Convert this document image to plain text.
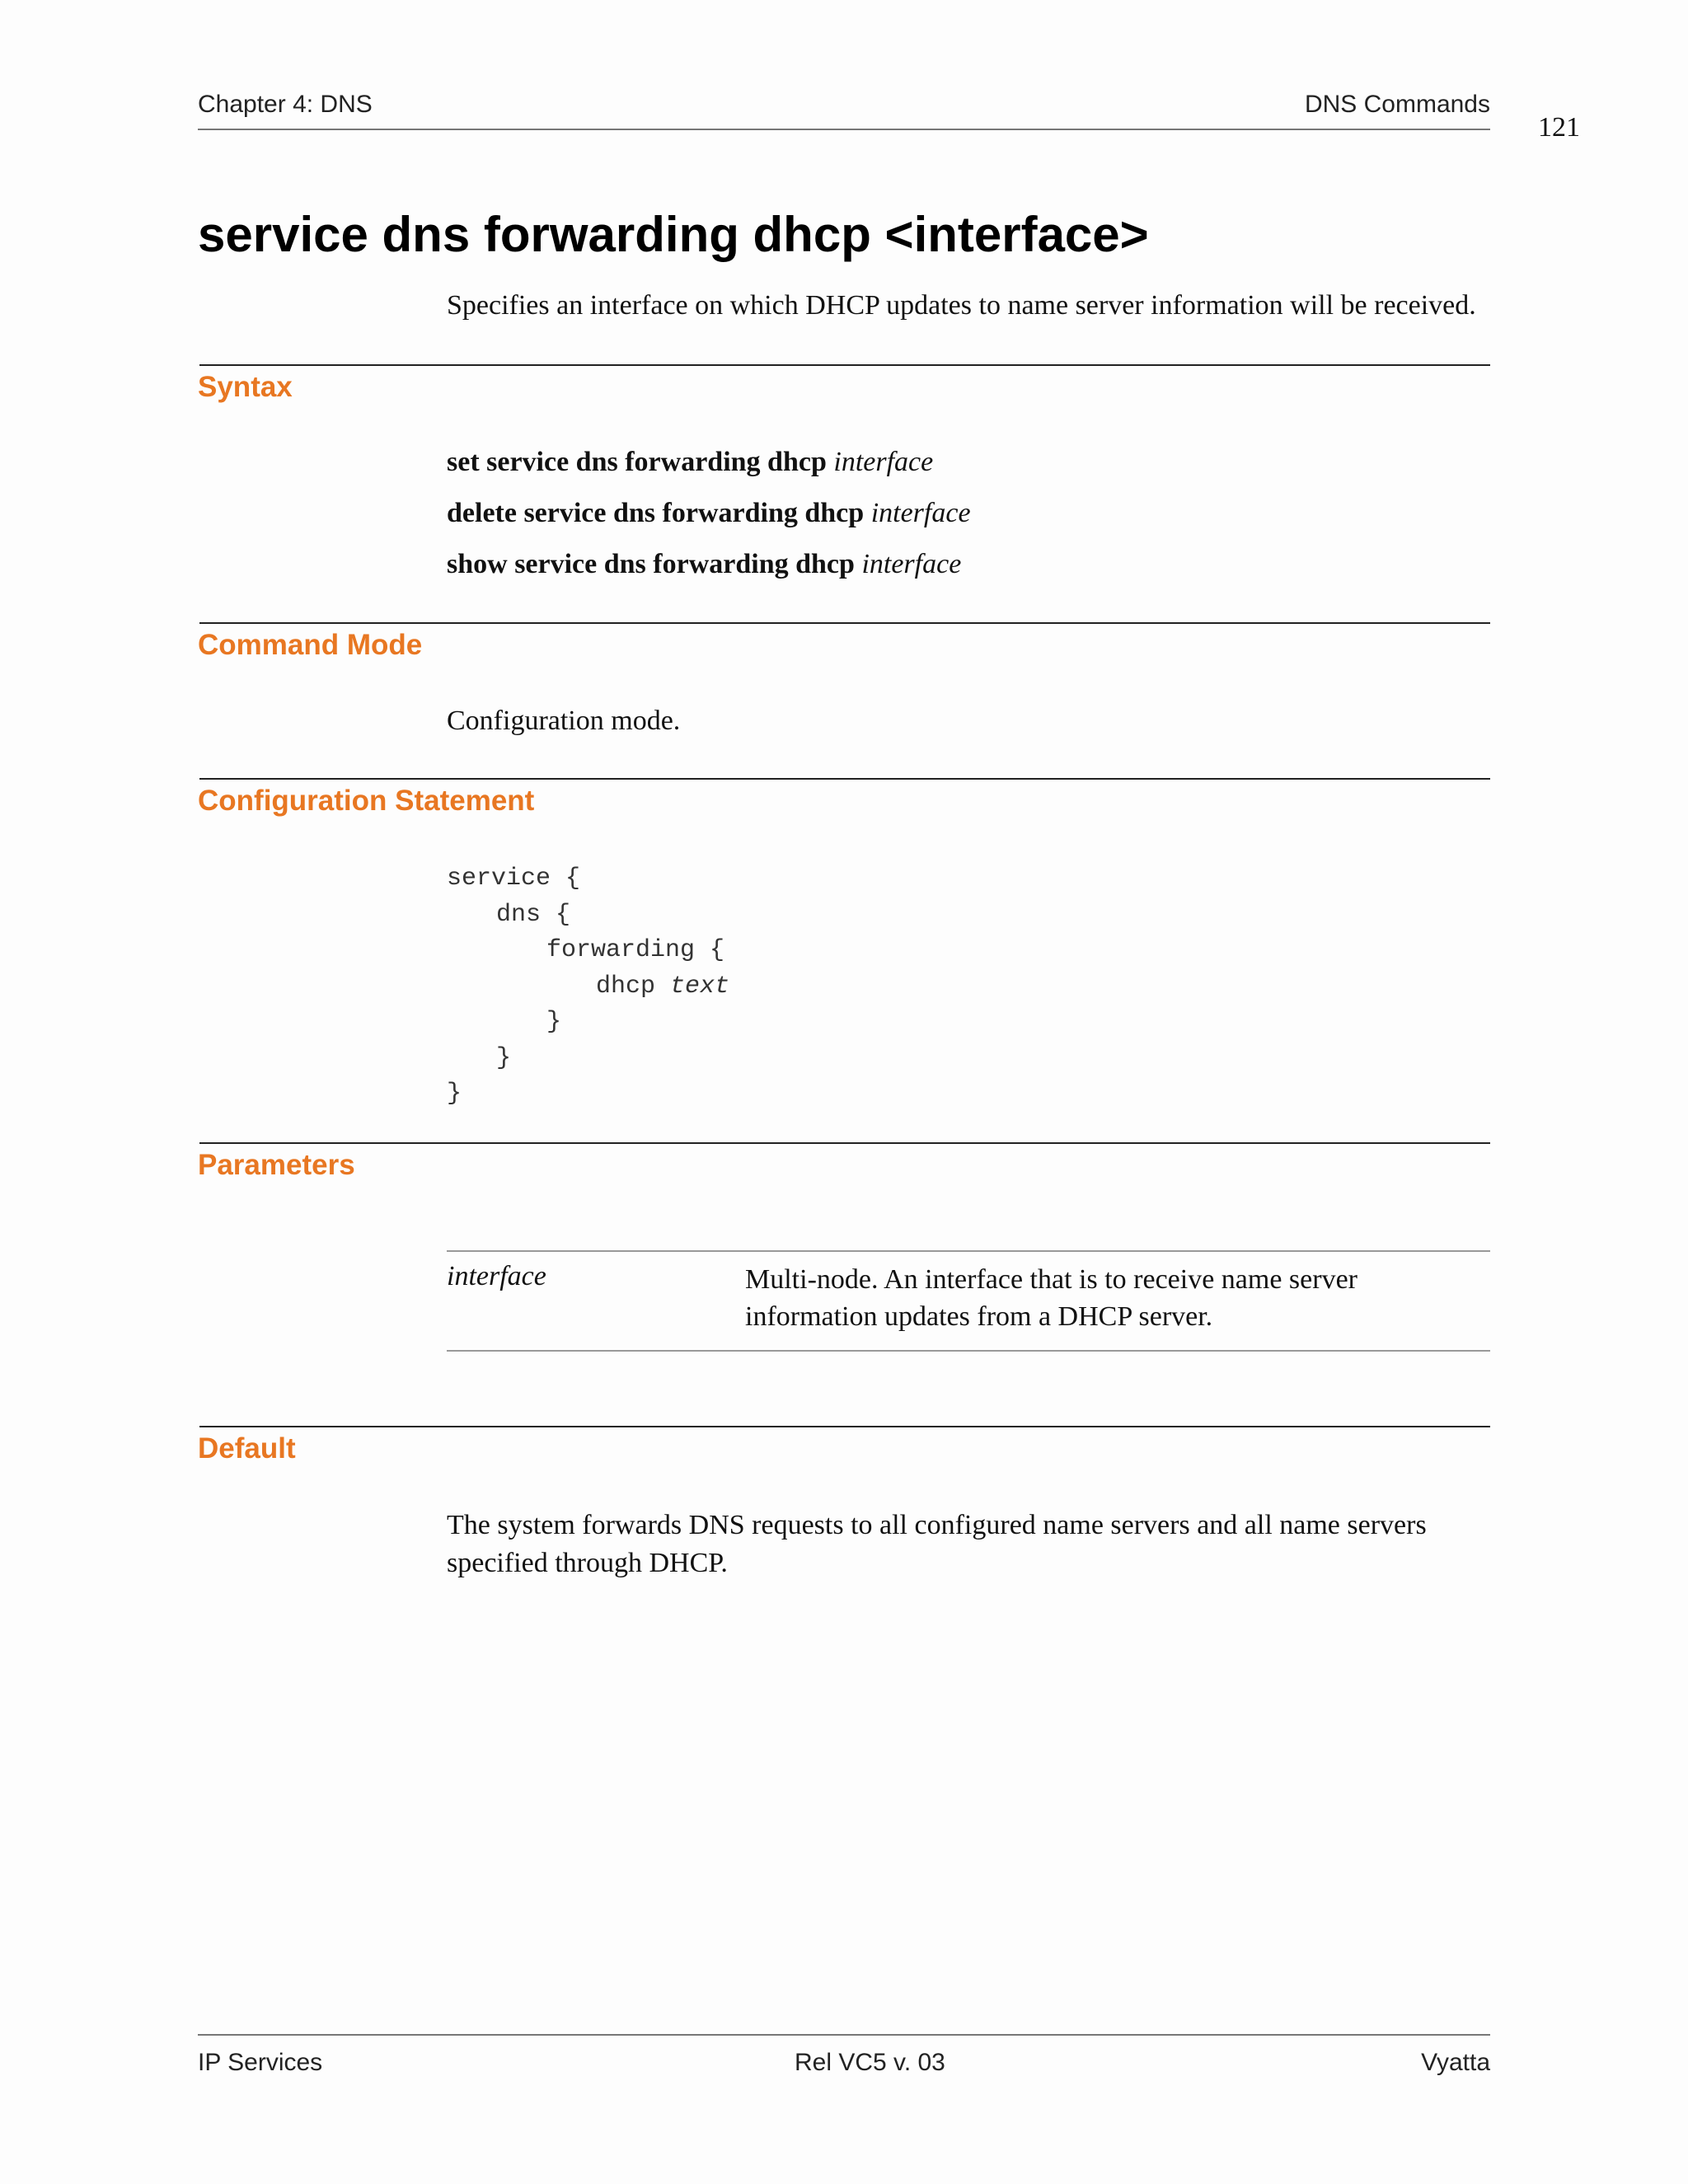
Chapter 4: DNS	DNS Commands
121
service dns forwarding dhcp <interface>
Specifies an interface on which DHCP updates to name server information will be received.
Syntax
set service dns forwarding dhcp interface
delete service dns forwarding dhcp interface
show service dns forwarding dhcp interface
Command Mode
Configuration mode.
Configuration Statement
service {
dns {
forwarding {
dhcp text
}
}
}
Parameters
interface	Multi-node. An interface that is to receive name server
information updates from a DHCP server.
Default
The system forwards DNS requests to all configured name servers and all name servers
specified through DHCP.
IP Services	Rel VC5 v. 03	Vyatta
